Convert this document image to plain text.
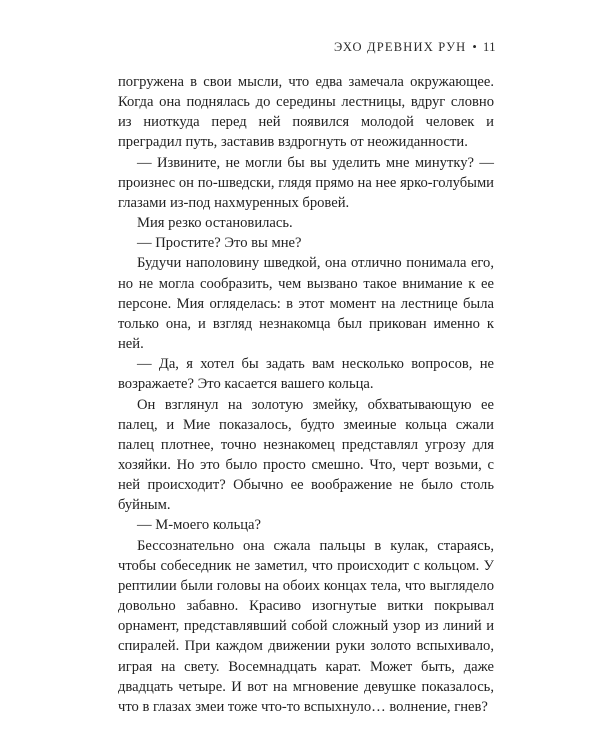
ЭХО ДРЕВНИХ РУН • 11

погружена в свои мысли, что едва замечала окружающее. Когда она поднялась до середины лестницы, вдруг словно из ниоткуда перед ней появился молодой человек и преградил путь, заставив вздрогнуть от неожиданности.

— Извините, не могли бы вы уделить мне минутку? — произнес он по-шведски, глядя прямо на нее ярко-голубыми глазами из-под нахмуренных бровей.

Мия резко остановилась.

— Простите? Это вы мне?

Будучи наполовину шведкой, она отлично понимала его, но не могла сообразить, чем вызвано такое внимание к ее персоне. Мия огляделась: в этот момент на лестнице была только она, и взгляд незнакомца был прикован именно к ней.

— Да, я хотел бы задать вам несколько вопросов, не возражаете? Это касается вашего кольца.

Он взглянул на золотую змейку, обхватывающую ее палец, и Мие показалось, будто змеиные кольца сжали палец плотнее, точно незнакомец представлял угрозу для хозяйки. Но это было просто смешно. Что, черт возьми, с ней происходит? Обычно ее воображение не было столь буйным.

— М-моего кольца?

Бессознательно она сжала пальцы в кулак, стараясь, чтобы собеседник не заметил, что происходит с кольцом. У рептилии были головы на обоих концах тела, что выглядело довольно забавно. Красиво изогнутые витки покрывал орнамент, представлявший собой сложный узор из линий и спиралей. При каждом движении руки золото вспыхивало, играя на свету. Восемнадцать карат. Может быть, даже двадцать четыре. И вот на мгновение девушке показалось, что в глазах змеи тоже что-то вспыхнуло… волнение, гнев?
